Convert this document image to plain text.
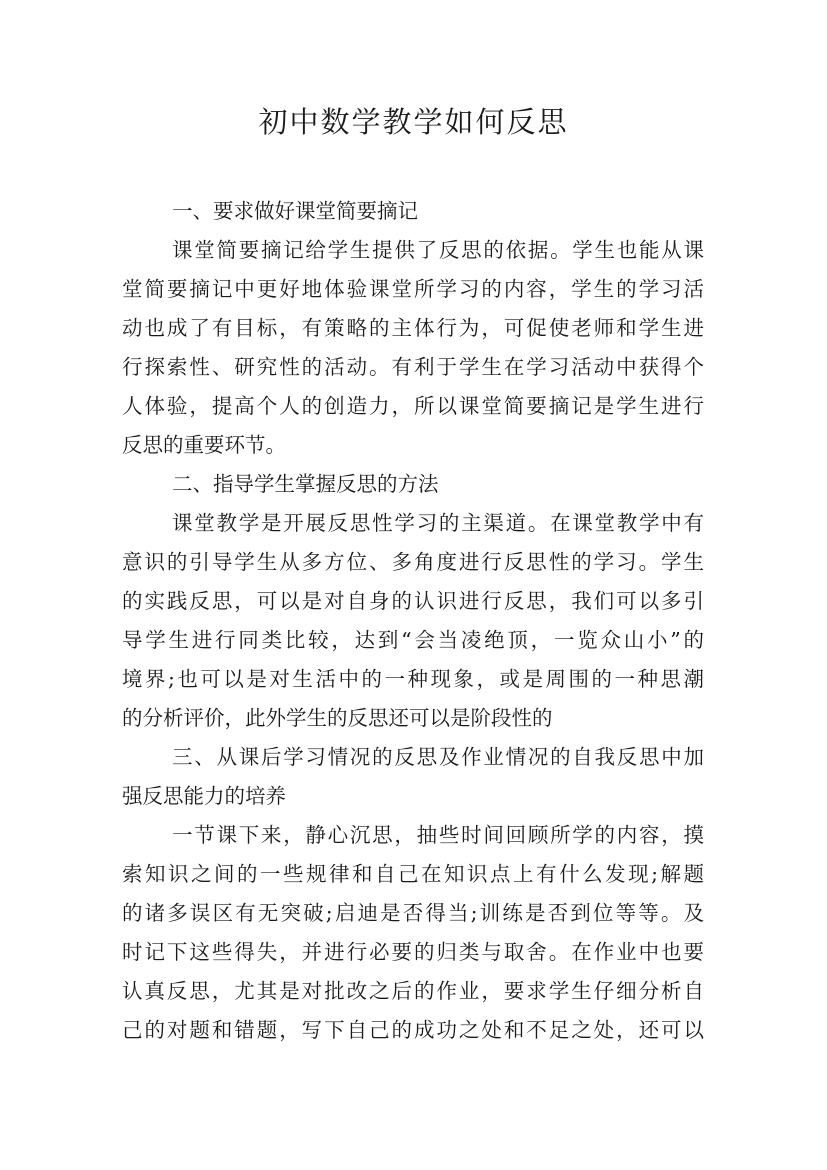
初中数学教学如何反思
一、要求做好课堂简要摘记
课堂简要摘记给学生提供了反思的依据。学生也能从课
堂简要摘记中更好地体验课堂所学习的内容，学生的学习活
动也成了有目标，有策略的主体行为，可促使老师和学生进
行探索性、研究性的活动。有利于学生在学习活动中获得个
人体验，提高个人的创造力，所以课堂简要摘记是学生进行
反思的重要环节。
二、指导学生掌握反思的方法
课堂教学是开展反思性学习的主渠道。在课堂教学中有
意识的引导学生从多方位、多角度进行反思性的学习。学生
的实践反思，可以是对自身的认识进行反思，我们可以多引
导学生进行同类比较，达到“会当凌绝顶，一览众山小”的
境界;也可以是对生活中的一种现象，或是周围的一种思潮
的分析评价，此外学生的反思还可以是阶段性的
三、从课后学习情况的反思及作业情况的自我反思中加
强反思能力的培养
一节课下来，静心沉思，抽些时间回顾所学的内容，摸
索知识之间的一些规律和自己在知识点上有什么发现;解题
的诸多误区有无突破;启迪是否得当;训练是否到位等等。及
时记下这些得失，并进行必要的归类与取舍。在作业中也要
认真反思，尤其是对批改之后的作业，要求学生仔细分析自
己的对题和错题，写下自己的成功之处和不足之处，还可以
